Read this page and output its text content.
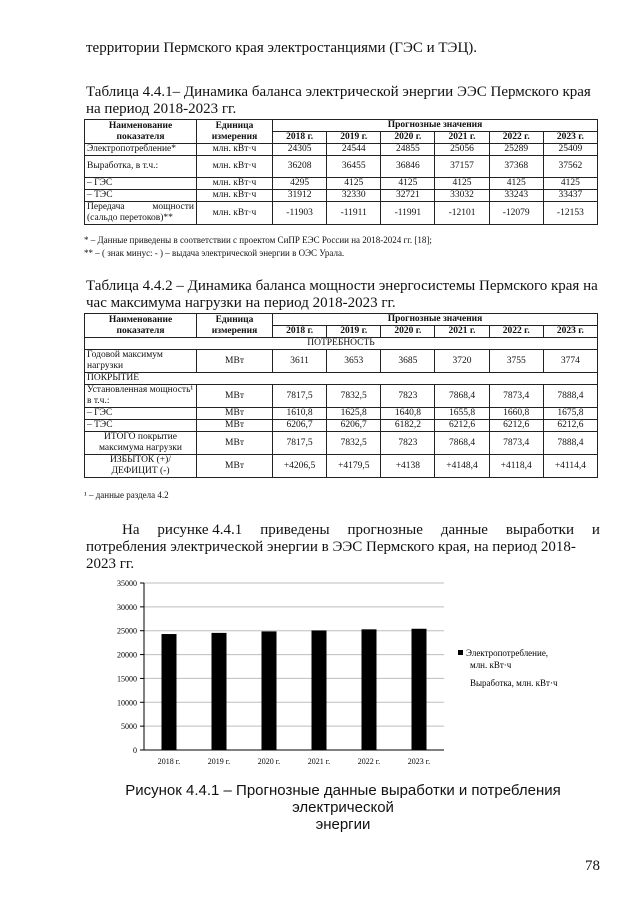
территории Пермского края электростанциями (ГЭС и ТЭЦ).

Таблица 4.4.1– Динамика баланса электрической энергии ЭЭС Пермского края на период 2018-2023 гг.

Наименование показателя	Единица измерения	Прогнозные значения					
		2018 г.	2019 г.	2020 г.	2021 г.	2022 г.	2023 г.
Электропотребление*	млн. кВт·ч	24305	24544	24855	25056	25289	25409
Выработка, в т.ч.:	млн. кВт·ч	36208	36455	36846	37157	37368	37562
– ГЭС	млн. кВт·ч	4295	4125	4125	4125	4125	4125
– ТЭС	млн. кВт·ч	31912	32330	32721	33032	33243	33437

Передача мощности
(сальдо перетоков)**	млн. кВт·ч	-11903	-11911	-11991	-12101	-12079	-12153
* – Данные приведены в соответствии с проектом СиПР ЕЭС России на 2018-2024 гг. [18];
** – ( знак минус: - ) – выдача электрической энергии в ОЭС Урала.

Таблица 4.4.2 – Динамика баланса мощности энергосистемы Пермского края на час максимума нагрузки на период 2018-2023 гг.

Наименование показателя	Единица измерения	Прогнозные значения					
		2018 г.	2019 г.	2020 г.	2021 г.	2022 г.	2023 г.
ПОТРЕБНОСТЬ							
Годовой максимум нагрузки	МВт	3611	3653	3685	3720	3755	3774
ПОКРЫТИЕ							
Установленная мощность¹ в т.ч.:	МВт	7817,5	7832,5	7823	7868,4	7873,4	7888,4
– ГЭС	МВт	1610,8	1625,8	1640,8	1655,8	1660,8	1675,8
– ТЭС	МВт	6206,7	6206,7	6182,2	6212,6	6212,6	6212,6
ИТОГО покрытие максимума нагрузки	МВт	7817,5	7832,5	7823	7868,4	7873,4	7888,4
ИЗБЫТОК (+)/ ДЕФИЦИТ (-)	МВт	+4206,5	+4179,5	+4138	+4148,4	+4118,4	+4114,4
¹ – данные раздела 4.2
На рисунке 4.4.1 приведены прогнозные данные выработки и
потребления электрической энергии в ЭЭС Пермского края, на период 2018-
2023 гг.
0
5000
10000
15000
20000
25000
30000
35000
2018 г.	2019 г.	2020 г.	2021 г.	2022 г.	2023 г.
Электропотребление,
млн. кВт·ч
Выработка, млн. кВт·ч
Рисунок 4.4.1 – Прогнозные данные выработки и потребления электрической
энергии
78
